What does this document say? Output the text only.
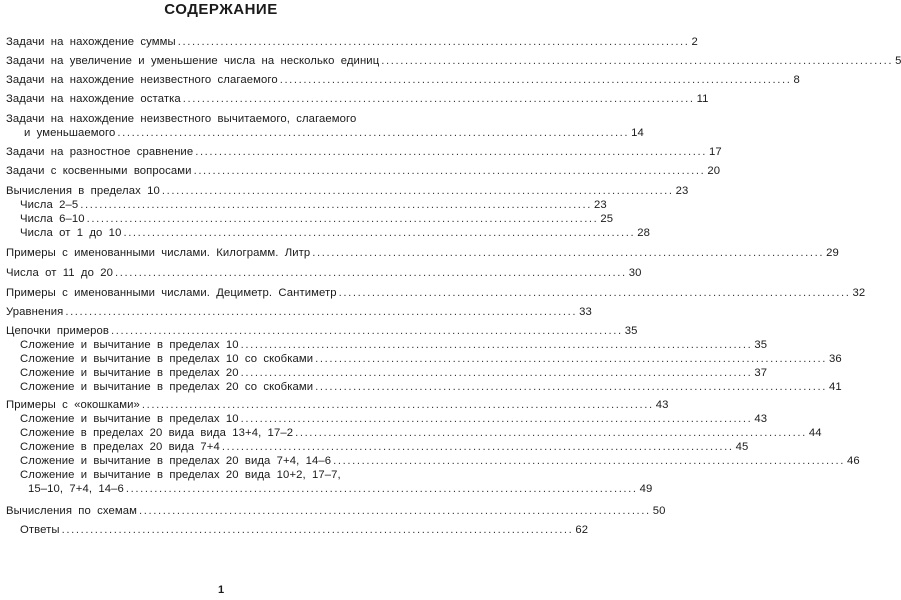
СОДЕРЖАНИЕ
Задачи на нахождение суммы ............................................................................................................ 2
Задачи на увеличение и уменьшение числа на несколько единиц ............................................................................................................ 5
Задачи на нахождение неизвестного слагаемого ............................................................................................................ 8
Задачи на нахождение остатка ............................................................................................................ 11
Задачи на нахождение неизвестного вычитаемого, слагаемого
и уменьшаемого ............................................................................................................ 14
Задачи на разностное сравнение ............................................................................................................ 17
Задачи с косвенными вопросами ............................................................................................................ 20
Вычисления в пределах 10 ............................................................................................................ 23
Числа 2–5 ............................................................................................................ 23
Числа 6–10 ............................................................................................................ 25
Числа от 1 до 10 ............................................................................................................ 28
Примеры с именованными числами. Килограмм. Литр ............................................................................................................ 29
Числа от 11 до 20 ............................................................................................................ 30
Примеры с именованными числами. Дециметр. Сантиметр ............................................................................................................ 32
Уравнения ............................................................................................................ 33
Цепочки примеров ............................................................................................................ 35
Сложение и вычитание в пределах 10 ............................................................................................................ 35
Сложение и вычитание в пределах 10 со скобками ............................................................................................................ 36
Сложение и вычитание в пределах 20 ............................................................................................................ 37
Сложение и вычитание в пределах 20 со скобками ............................................................................................................ 41
Примеры с «окошками» ............................................................................................................ 43
Сложение и вычитание в пределах 10 ............................................................................................................ 43
Сложение в пределах 20 вида вида 13+4, 17–2 ............................................................................................................ 44
Сложение в пределах 20 вида 7+4 ............................................................................................................ 45
Сложение и вычитание в пределах 20 вида 7+4, 14–6 ............................................................................................................ 46
Сложение и вычитание в пределах 20 вида 10+2, 17–7,
15–10, 7+4, 14–6 ............................................................................................................ 49
Вычисления по схемам ............................................................................................................ 50
Ответы ............................................................................................................ 62
1
